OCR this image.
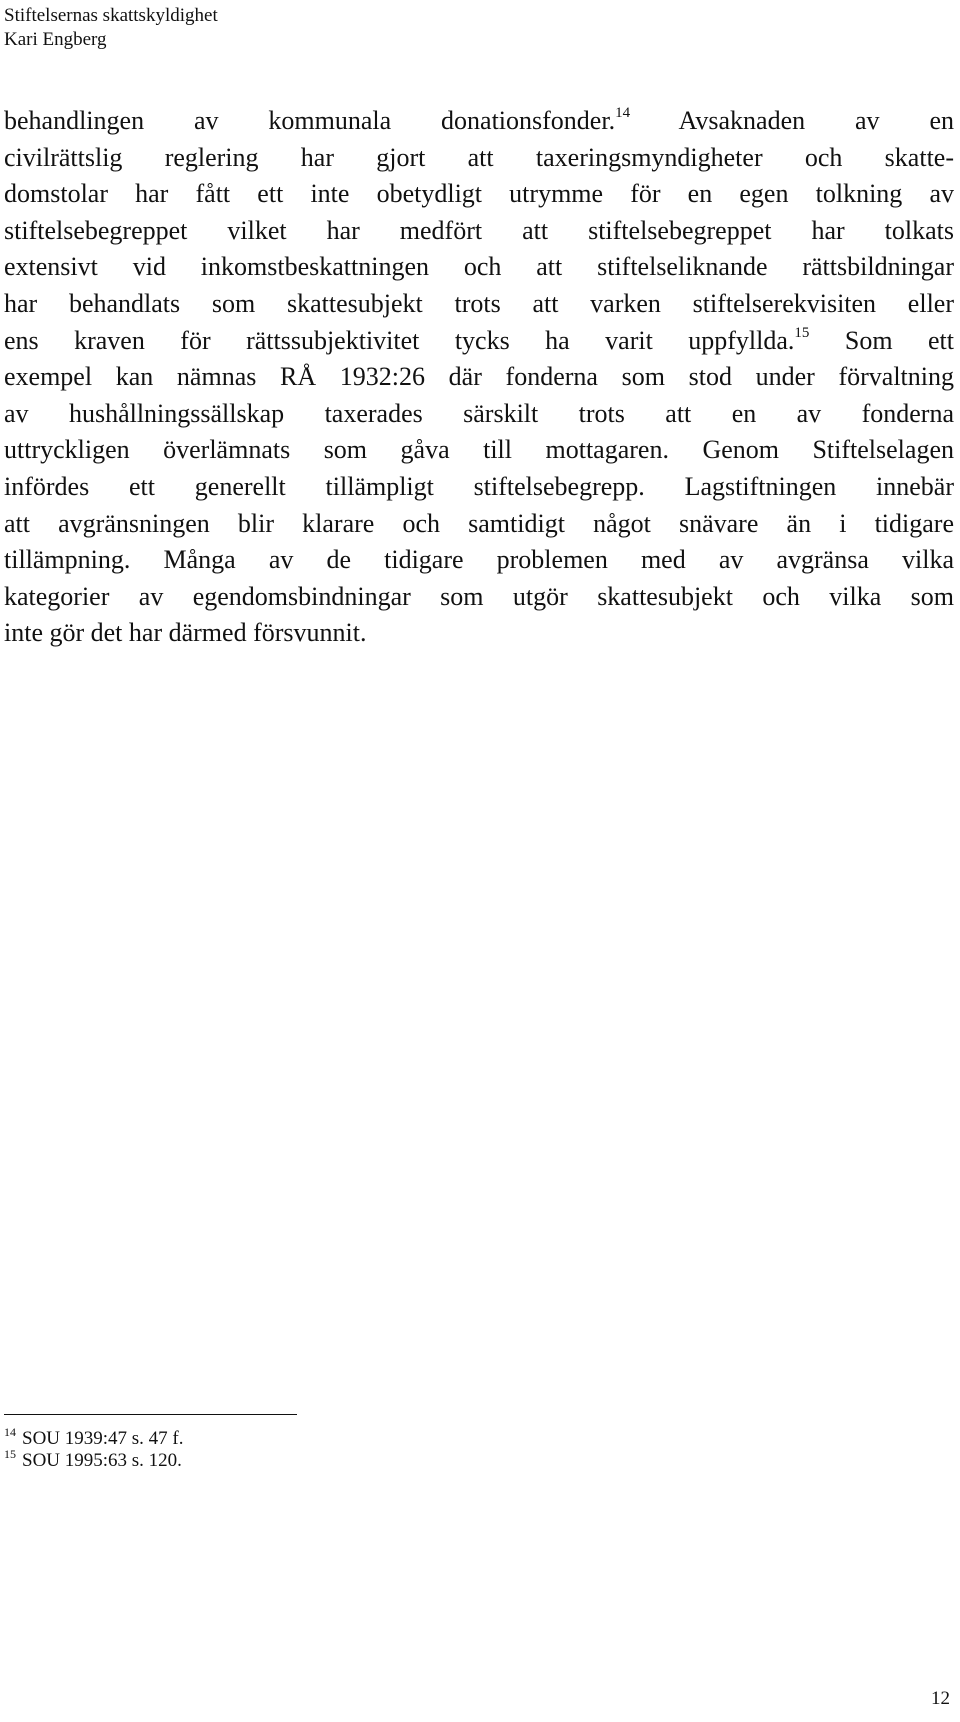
Stiftelsernas skattskyldighet
Kari Engberg
behandlingen av kommunala donationsfonder.$^{14}$ Avsaknaden av en
civilrättslig reglering har gjort att taxeringsmyndigheter och skatte-
domstolar har fått ett inte obetydligt utrymme för en egen tolkning av
stiftelsebegreppet vilket har medfört att stiftelsebegreppet har tolkats
extensivt vid inkomstbeskattningen och att stiftelseliknande rättsbildningar
har behandlats som skattesubjekt trots att varken stiftelserekvisiten eller
ens kraven för rättssubjektivitet tycks ha varit uppfyllda.$^{15}$ Som ett
exempel kan nämnas RÅ 1932:26 där fonderna som stod under förvaltning
av hushållningssällskap taxerades särskilt trots att en av fonderna
uttryckligen överlämnats som gåva till mottagaren. Genom Stiftelselagen
infördes ett generellt tillämpligt stiftelsebegrepp. Lagstiftningen innebär
att avgränsningen blir klarare och samtidigt något snävare än i tidigare
tillämpning. Många av de tidigare problemen med av avgränsa vilka
kategorier av egendomsbindningar som utgör skattesubjekt och vilka som
inte gör det har därmed försvunnit.
$^{14}$ SOU 1939:47 s. 47 f.
$^{15}$ SOU 1995:63 s. 120.
12
